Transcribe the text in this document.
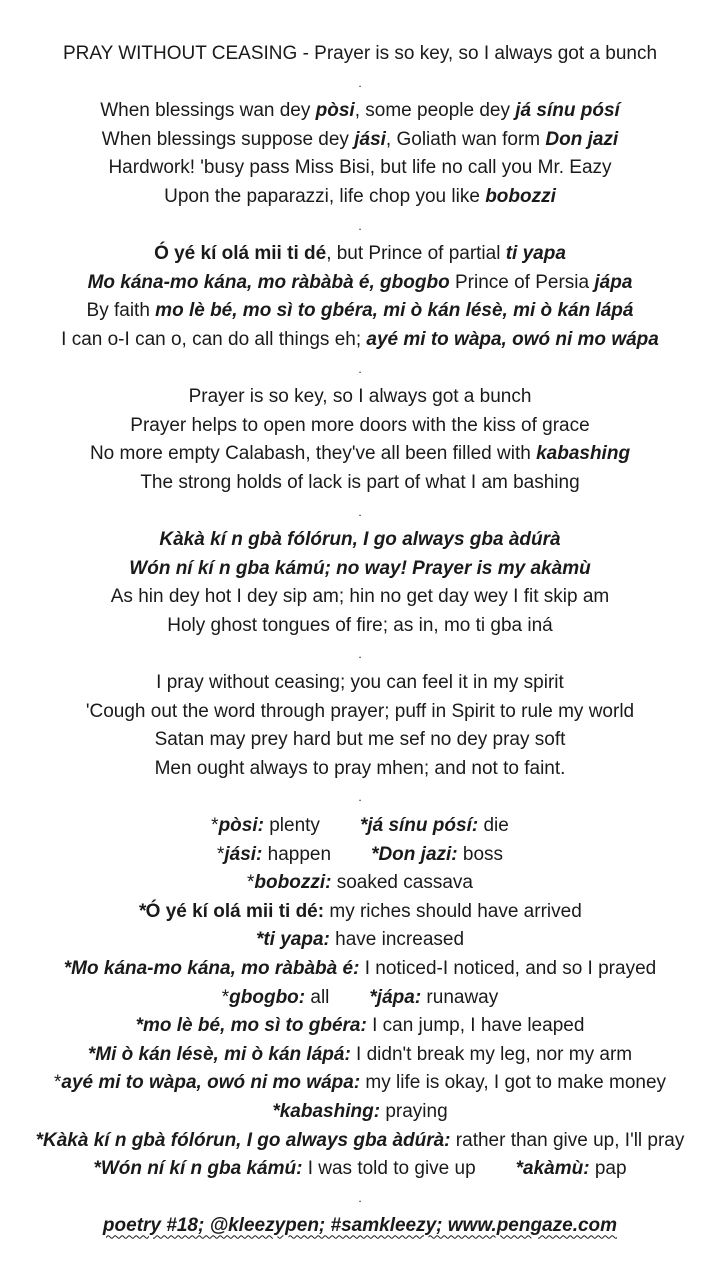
PRAY WITHOUT CEASING - Prayer is so key, so I always got a bunch
.
When blessings wan dey pòsi, some people dey já sínu pósí
When blessings suppose dey jási, Goliath wan form Don jazi
Hardwork! 'busy pass Miss Bisi, but life no call you Mr. Eazy
Upon the paparazzi, life chop you like bobozzi
.
Ó yé kí olá mii ti dé, but Prince of partial ti yapa
Mo kána-mo kána, mo ràbàbà é, gbogbo Prince of Persia jápa
By faith mo lè bé, mo sì to gbéra, mi ò kán lésè, mi ò kán lápá
I can o-I can o, can do all things eh; ayé mi to wàpa, owó ni mo wápa
.
Prayer is so key, so I always got a bunch
Prayer helps to open more doors with the kiss of grace
No more empty Calabash, they've all been filled with kabashing
The strong holds of lack is part of what I am bashing
.
Kàkà kí n gbà fólórun, I go always gba àdúrà
Wón ní kí n gba kámú; no way! Prayer is my akàmù
As hin dey hot I dey sip am; hin no get day wey I fit skip am
Holy ghost tongues of fire; as in, mo ti gba iná
.
I pray without ceasing; you can feel it in my spirit
'Cough out the word through prayer; puff in Spirit to rule my world
Satan may prey hard but me sef no dey pray soft
Men ought always to pray mhen; and not to faint.
.
*pòsi: plenty *já sínu pósí: die
*jási: happen *Don jazi: boss
*bobozzi: soaked cassava
*Ó yé kí olá mii ti dé: my riches should have arrived
*ti yapa: have increased
*Mo kána-mo kána, mo ràbàbà é: I noticed-I noticed, and so I prayed
*gbogbo: all *jápa: runaway
*mo lè bé, mo sì to gbéra: I can jump, I have leaped
*Mi ò kán lésè, mi ò kán lápá: I didn't break my leg, nor my arm
*ayé mi to wàpa, owó ni mo wápa: my life is okay, I got to make money
*kabashing: praying
*Kàkà kí n gbà fólórun, I go always gba àdúrà: rather than give up, I'll pray
*Wón ní kí n gba kámú: I was told to give up *akàmù: pap
.
poetry #18; @kleezypen; #samkleezy; www.pengaze.com
